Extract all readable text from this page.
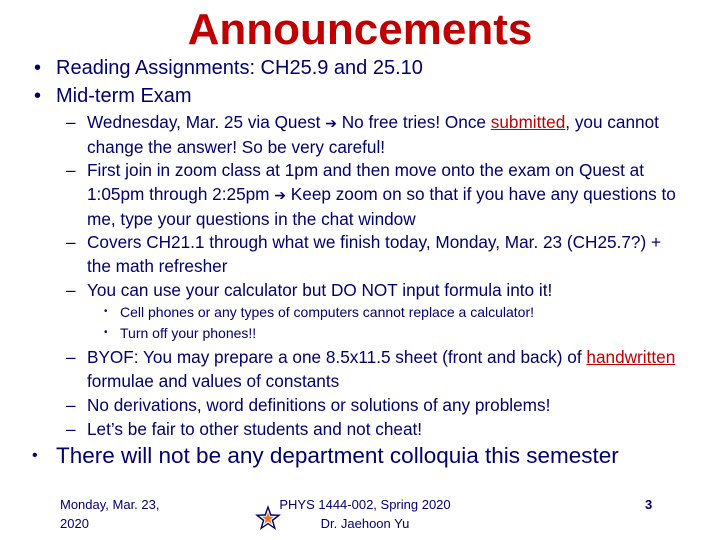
Announcements
• Reading Assignments: CH25.9 and 25.10
• Mid-term Exam
– Wednesday, Mar. 25 via Quest ➔ No free tries! Once submitted, you cannot change the answer! So be very careful!
– First join in zoom class at 1pm and then move onto the exam on Quest at 1:05pm through 2:25pm ➔ Keep zoom on so that if you have any questions to me, type your questions in the chat window
– Covers CH21.1 through what we finish today, Monday, Mar. 23 (CH25.7?) + the math refresher
– You can use your calculator but DO NOT input formula into it!
• Cell phones or any types of computers cannot replace a calculator!
• Turn off your phones!!
– BYOF: You may prepare a one 8.5x11.5 sheet (front and back) of handwritten formulae and values of constants
– No derivations, word definitions or solutions of any problems!
– Let’s be fair to other students and not cheat!
• There will not be any department colloquia this semester
Monday, Mar. 23,
2020
PHYS 1444-002, Spring 2020
Dr. Jaehoon Yu
3
